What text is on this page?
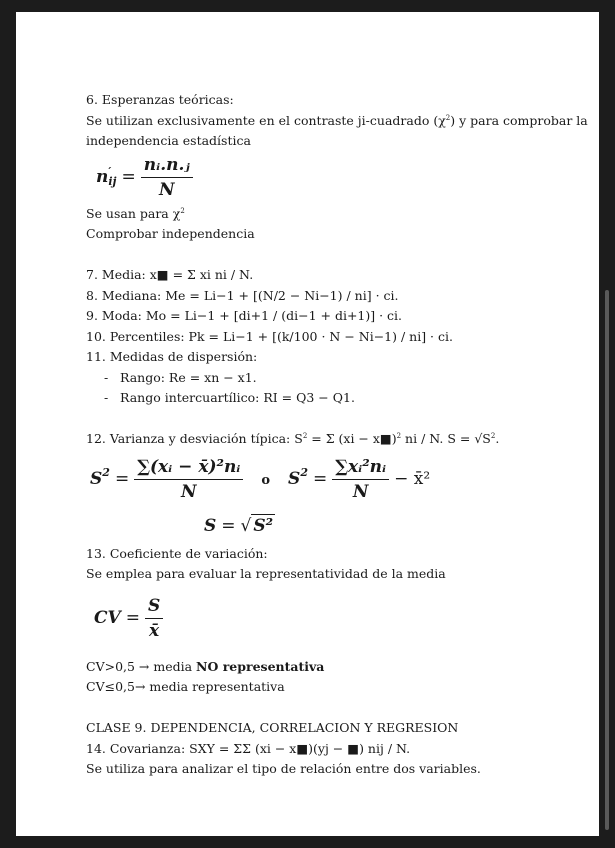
6. Esperanzas teóricas:
Se utilizan exclusivamente en el contraste ji-cuadrado $(\chi^2)$ y para comprobar la
independencia estadística
n ′
ij = $\frac{\text{nᵢ.n.ⱼ}}{N}$
Se usan para $\chi^2$
Comprobar independencia
7. Media: x■ = Σ xi ni / N.
8. Mediana: Me = Li−1 + [(N/2 − Ni−1) / ni] · ci.
9. Moda: Mo = Li−1 + [di+1 / (di−1 + di+1)] · ci.
10. Percentiles: Pk = Li−1 + [(k/100 · N − Ni−1) / ni] · ci.
11. Medidas de dispersión:
- Rango: Re = xn − x1.
- Rango intercuartílico: RI = Q3 − Q1.
12. Varianza y desviación típica: $S^2 = \Sigma$ (xi − x■)$^2$ ni / N. $S = √S^2$.
$S^2 = \frac{\text{∑(xᵢ − x̄)²nᵢ}}{N}$ o $S^2 = \frac{\text{∑xᵢ²nᵢ}}{N}$ − x̄²
S = √ S²
13. Coeficiente de variación:
Se emplea para evaluar la representatividad de la media
CV = $\frac{S}{x̄}$
CV>0,5 → media NO representativa
CV≤0,5→ media representativa
CLASE 9. DEPENDENCIA, CORRELACION Y REGRESION
14. Covarianza: SXY = ΣΣ (xi − x■)(yj − ■) nij / N.
Se utiliza para analizar el tipo de relación entre dos variables.
